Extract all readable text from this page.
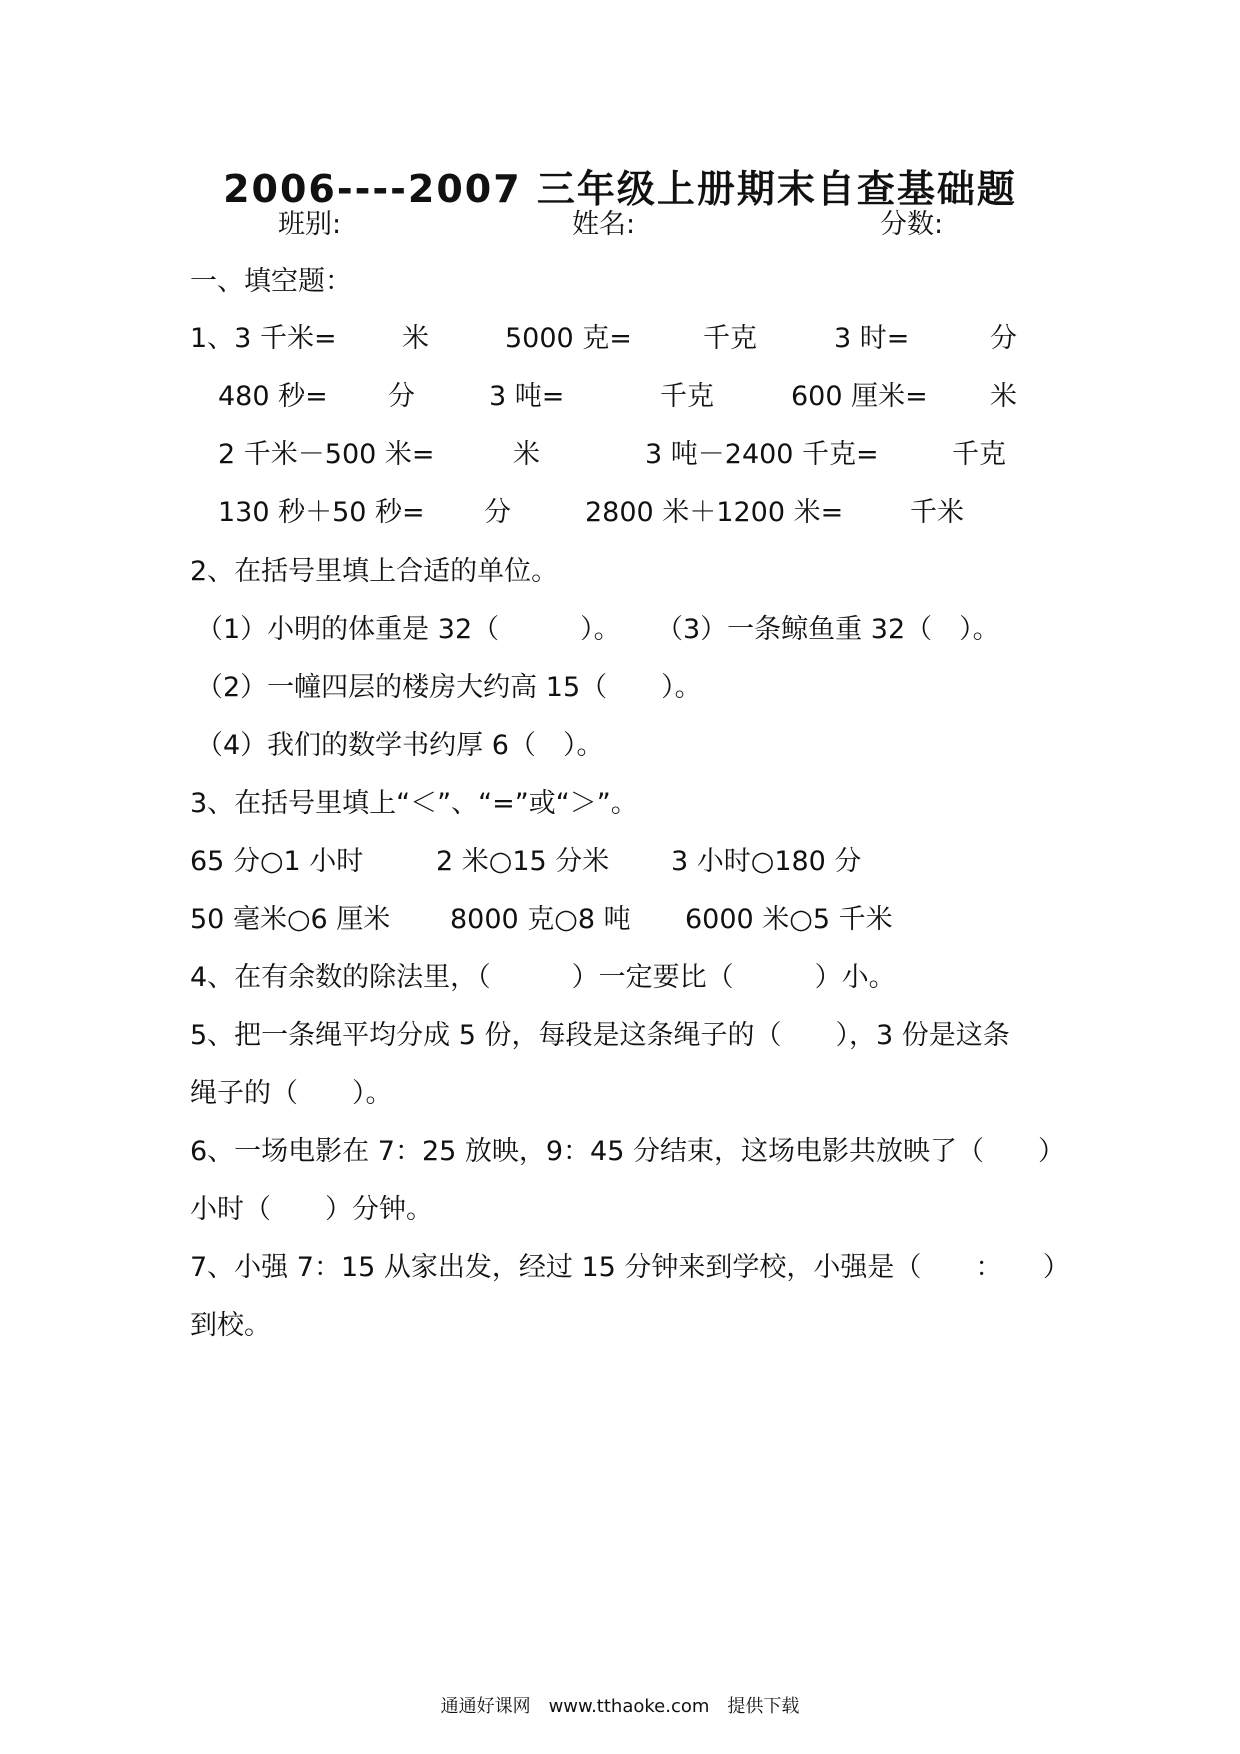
2006----2007 三年级上册期末自查基础题
班别:	姓名:	分数:
一、填空题：
1、3 千米= 米	5000 克=	千克	3 时=	分
480 秒= 分	3 吨=	千克	600 厘米= 米
2 千米－500 米=	米	3 吨－2400 千克=	千克
130 秒＋50 秒= 分	2800 米＋1200 米= 千米
2、在括号里填上合适的单位。
（1）小明的体重是 32（　　　）。 （3）一条鲸鱼重 32（　）。
（2）一幢四层的楼房大约高 15（　　）。
（4）我们的数学书约厚 6（　）。
3、在括号里填上“＜”、“=”或“＞”。
65 分○1 小时	2 米○15 分米 3 小时○180 分
50 毫米○6 厘米 8000 克○8 吨 6000 米○5 千米
4、在有余数的除法里，（　　　）一定要比（　　　）小。
5、把一条绳平均分成 5 份，每段是这条绳子的（　　），3 份是这条
绳子的（　　）。
6、一场电影在 7：25 放映，9：45 分结束，这场电影共放映了（　　）
小时（　　）分钟。
7、小强 7：15 从家出发，经过 15 分钟来到学校，小强是（　　：　　）
到校。
通通好课网　www.tthaoke.com　提供下载
